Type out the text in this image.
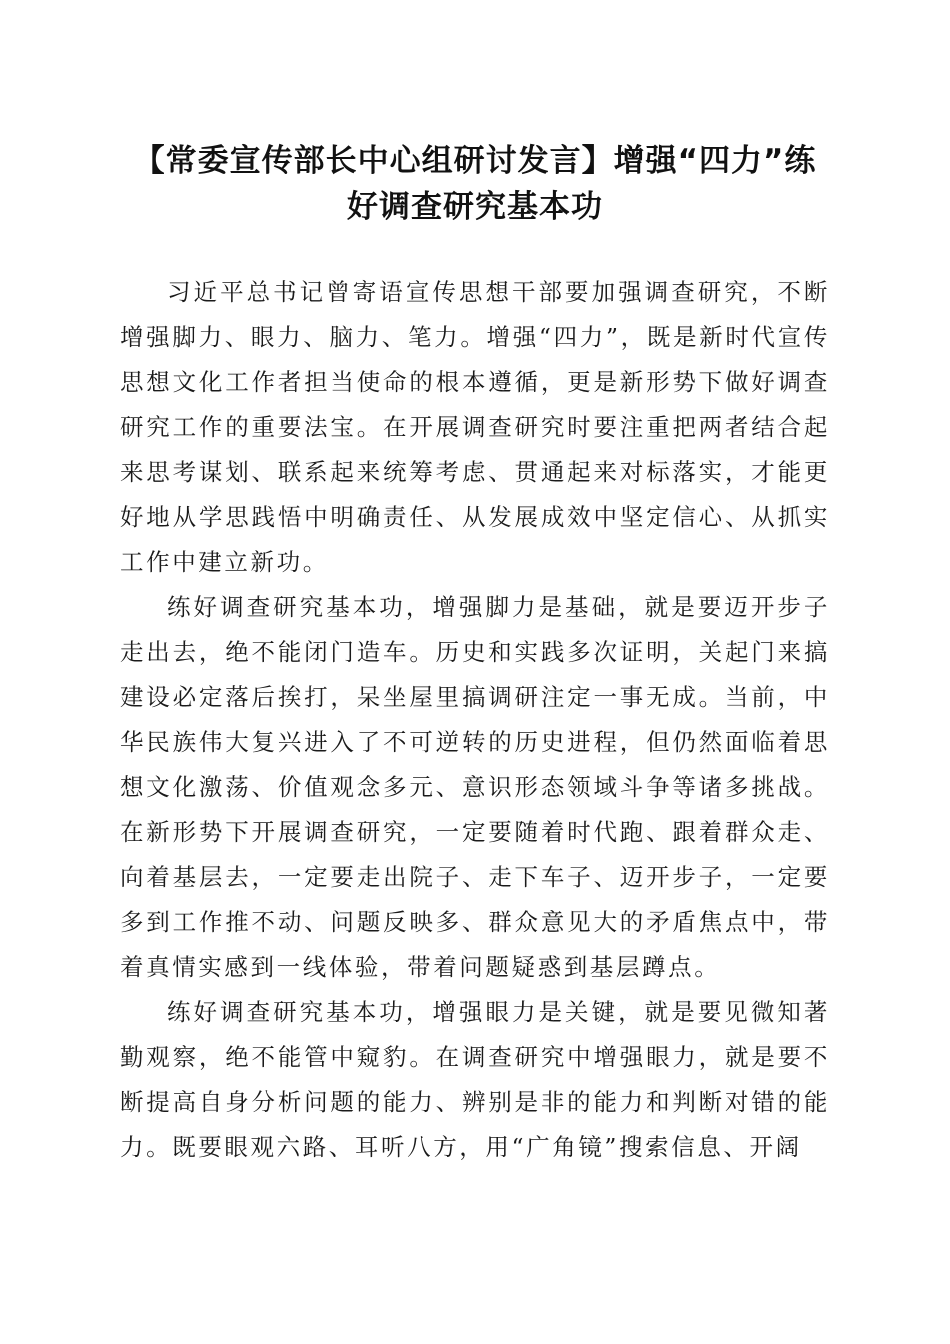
【常委宣传部长中心组研讨发言】增强“四力”练好调查研究基本功

习近平总书记曾寄语宣传思想干部要加强调查研究，不断增强脚力、眼力、脑力、笔力。增强“四力”，既是新时代宣传思想文化工作者担当使命的根本遵循，更是新形势下做好调查研究工作的重要法宝。在开展调查研究时要注重把两者结合起来思考谋划、联系起来统筹考虑、贯通起来对标落实，才能更好地从学思践悟中明确责任、从发展成效中坚定信心、从抓实工作中建立新功。

练好调查研究基本功，增强脚力是基础，就是要迈开步子走出去，绝不能闭门造车。历史和实践多次证明，关起门来搞建设必定落后挨打，呆坐屋里搞调研注定一事无成。当前，中华民族伟大复兴进入了不可逆转的历史进程，但仍然面临着思想文化激荡、价值观念多元、意识形态领域斗争等诸多挑战。在新形势下开展调查研究，一定要随着时代跑、跟着群众走、向着基层去，一定要走出院子、走下车子、迈开步子，一定要多到工作推不动、问题反映多、群众意见大的矛盾焦点中，带着真情实感到一线体验，带着问题疑惑到基层蹲点。

练好调查研究基本功，增强眼力是关键，就是要见微知著勤观察，绝不能管中窥豹。在调查研究中增强眼力，就是要不断提高自身分析问题的能力、辨别是非的能力和判断对错的能力。既要眼观六路、耳听八方，用“广角镜”搜索信息、开阔
